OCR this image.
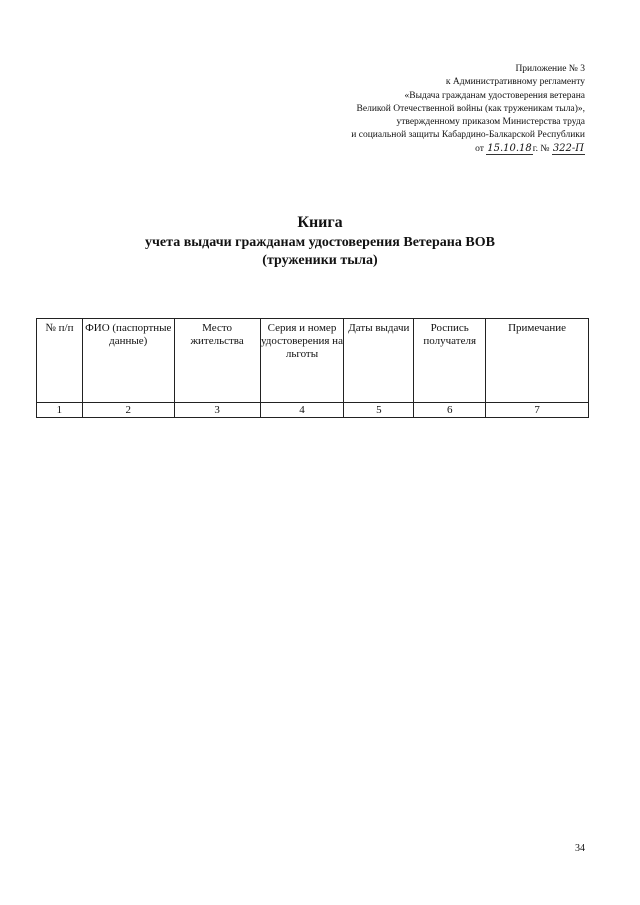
Приложение № 3
к Административному регламенту
«Выдача гражданам удостоверения ветерана
Великой Отечественной войны (как труженикам тыла)»,
утвержденному приказом Министерства труда
и социальной защиты Кабардино-Балкарской Республики
от 15.10.18г. № 322-П
Книга
учета выдачи гражданам удостоверения Ветерана ВОВ
(труженики тыла)
№ п/п	ФИО (паспортные данные)	Место жительства	Серия и номер удостоверения на льготы	Даты выдачи	Роспись получателя	Примечание
1	2	3	4	5	6	7
34
